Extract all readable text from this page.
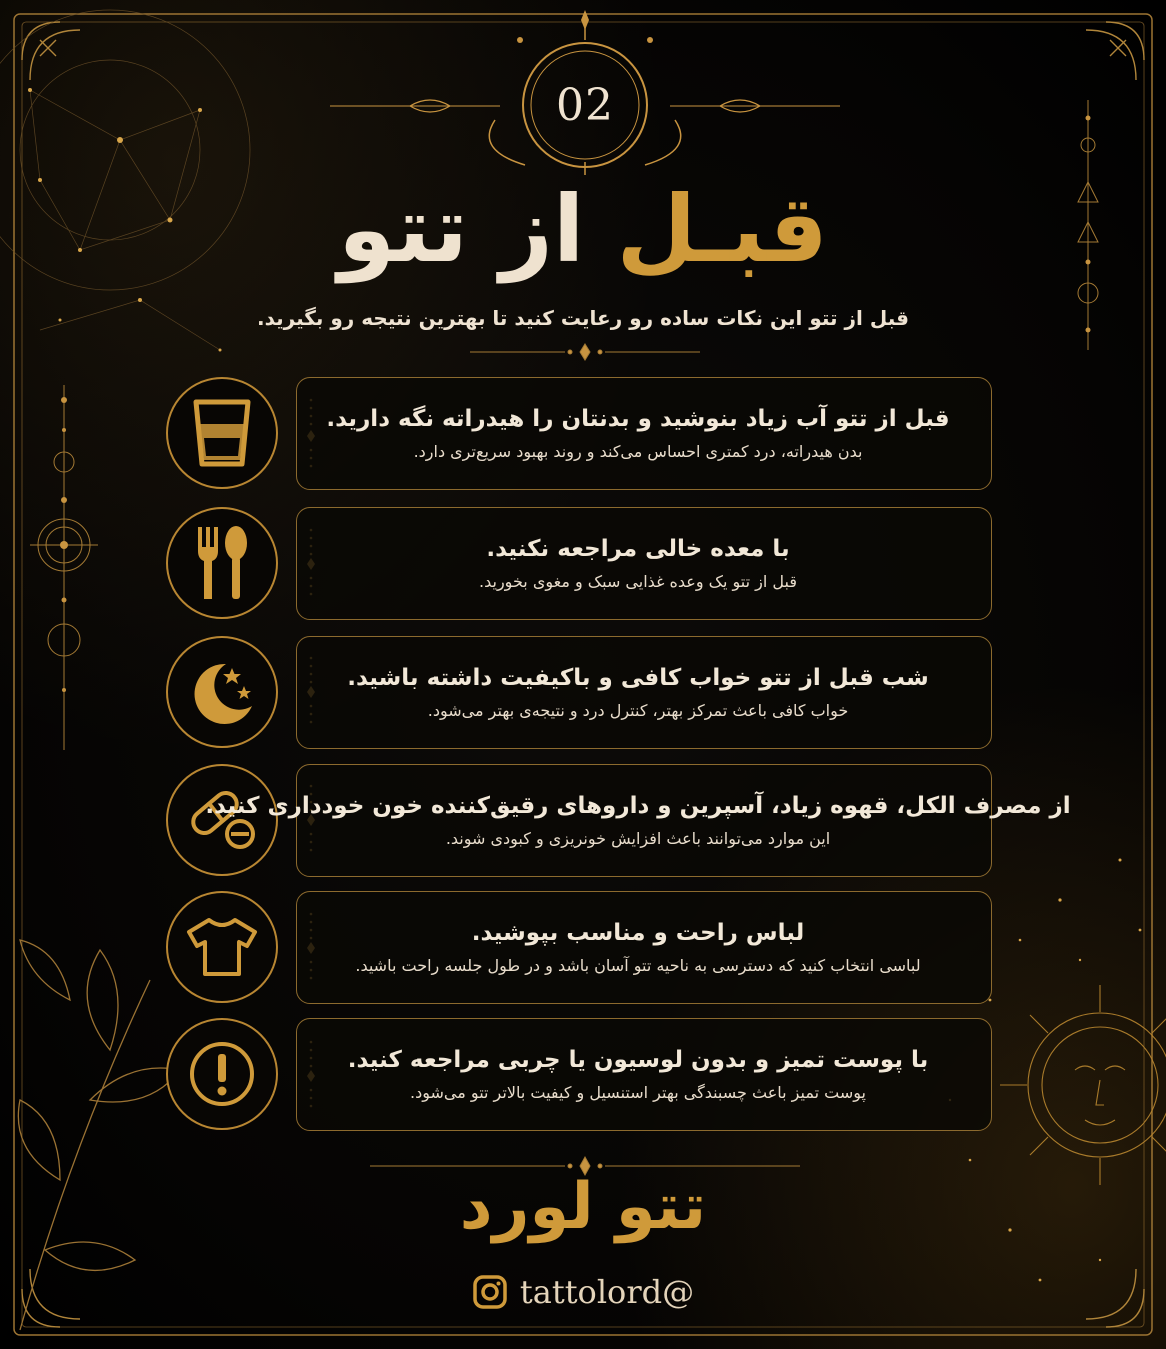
02
قبـل از تتو
قبل از تتو این نکات ساده رو رعایت کنید تا بهترین نتیجه رو بگیرید.
قبل از تتو آب زیاد بنوشید و بدنتان را هیدراته نگه دارید.
بدن هیدراته، درد کمتری احساس می‌کند و روند بهبود سریع‌تری دارد.
با معده خالی مراجعه نکنید.
قبل از تتو یک وعده غذایی سبک و مغوی بخورید.
شب قبل از تتو خواب کافی و باکیفیت داشته باشید.
خواب کافی باعث تمرکز بهتر، کنترل درد و نتیجه‌ی بهتر می‌شود.
از مصرف الکل، قهوه زیاد، آسپرین و داروهای رقیق‌کننده خون خودداری کنید.
این موارد می‌توانند باعث افزایش خونریزی و کبودی شوند.
لباس راحت و مناسب بپوشید.
لباسی انتخاب کنید که دسترسی به ناحیه تتو آسان باشد و در طول جلسه راحت باشید.
با پوست تمیز و بدون لوسیون یا چربی مراجعه کنید.
پوست تمیز باعث چسبندگی بهتر استنسیل و کیفیت بالاتر تتو می‌شود.
تتو لورد
tattolord@
